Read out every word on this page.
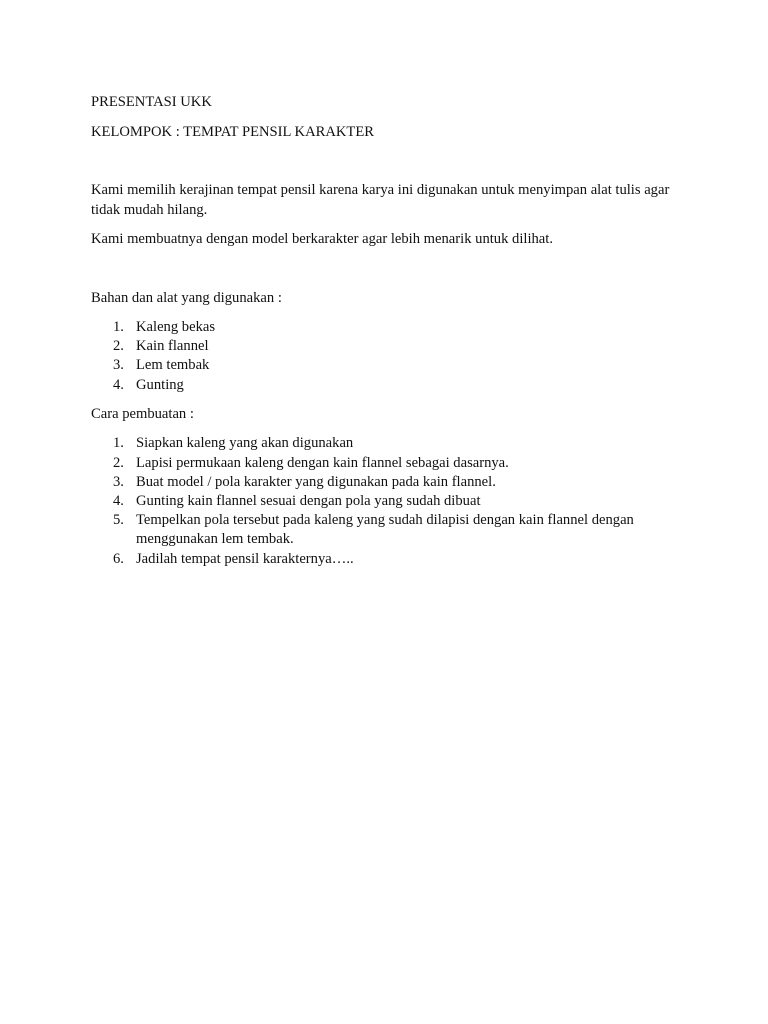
PRESENTASI UKK

KELOMPOK : TEMPAT PENSIL KARAKTER

Kami memilih kerajinan tempat pensil karena karya ini digunakan untuk menyimpan alat tulis agar tidak mudah hilang.

Kami membuatnya dengan model berkarakter agar lebih menarik untuk dilihat.

Bahan dan alat yang digunakan :

1. Kaleng bekas
2. Kain flannel
3. Lem tembak
4. Gunting

Cara pembuatan :

1. Siapkan kaleng yang akan digunakan
2. Lapisi permukaan kaleng dengan kain flannel sebagai dasarnya.
3. Buat model / pola karakter yang digunakan pada kain flannel.
4. Gunting kain flannel sesuai dengan pola yang sudah dibuat
5. Tempelkan pola tersebut pada kaleng yang sudah dilapisi dengan kain flannel dengan menggunakan lem tembak.
6. Jadilah tempat pensil karakternya…..
